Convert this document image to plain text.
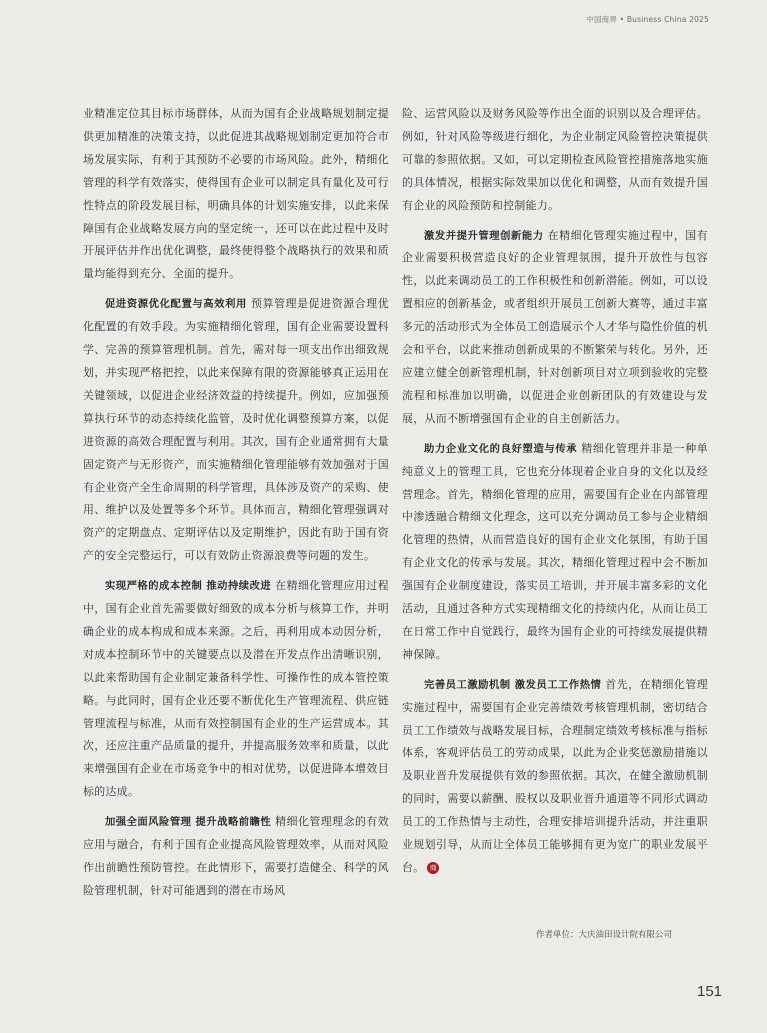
中国商界 • Business China 2025

业精准定位其目标市场群体，从而为国有企业战略规划制定提供更加精准的决策支持，以此促进其战略规划制定更加符合市场发展实际，有利于其预防不必要的市场风险。此外，精细化管理的科学有效落实，使得国有企业可以制定具有量化及可行性特点的阶段发展目标，明确具体的计划实施安排，以此来保障国有企业战略发展方向的坚定统一，还可以在此过程中及时开展评估并作出优化调整，最终使得整个战略执行的效果和质量均能得到充分、全面的提升。

促进资源优化配置与高效利用 预算管理是促进资源合理优化配置的有效手段。为实施精细化管理，国有企业需要设置科学、完善的预算管理机制。首先，需对每一项支出作出细致规划，并实现严格把控，以此来保障有限的资源能够真正运用在关键领域，以促进企业经济效益的持续提升。例如，应加强预算执行环节的动态持续化监管，及时优化调整预算方案，以促进资源的高效合理配置与利用。其次，国有企业通常拥有大量固定资产与无形资产，而实施精细化管理能够有效加强对于国有企业资产全生命周期的科学管理，具体涉及资产的采购、使用、维护以及处置等多个环节。具体而言，精细化管理强调对资产的定期盘点、定期评估以及定期维护，因此有助于国有资产的安全完整运行，可以有效防止资源浪费等问题的发生。

实现严格的成本控制 推动持续改进 在精细化管理应用过程中，国有企业首先需要做好细致的成本分析与核算工作，并明确企业的成本构成和成本来源。之后，再利用成本动因分析，对成本控制环节中的关键要点以及潜在开发点作出清晰识别，以此来帮助国有企业制定兼备科学性、可操作性的成本管控策略。与此同时，国有企业还要不断优化生产管理流程、供应链管理流程与标准，从而有效控制国有企业的生产运营成本。其次，还应注重产品质量的提升，并提高服务效率和质量，以此来增强国有企业在市场竞争中的相对优势，以促进降本增效目标的达成。

加强全面风险管理 提升战略前瞻性 精细化管理理念的有效应用与融合，有利于国有企业提高风险管理效率，从而对风险作出前瞻性预防管控。在此情形下，需要打造健全、科学的风险管理机制，针对可能遇到的潜在市场风

险、运营风险以及财务风险等作出全面的识别以及合理评估。例如，针对风险等级进行细化，为企业制定风险管控决策提供可靠的参照依据。又如，可以定期检查风险管控措施落地实施的具体情况，根据实际效果加以优化和调整，从而有效提升国有企业的风险预防和控制能力。

激发并提升管理创新能力 在精细化管理实施过程中，国有企业需要积极营造良好的企业管理氛围，提升开放性与包容性，以此来调动员工的工作积极性和创新潜能。例如，可以设置相应的创新基金，或者组织开展员工创新大赛等，通过丰富多元的活动形式为全体员工创造展示个人才华与隐性价值的机会和平台，以此来推动创新成果的不断繁荣与转化。另外，还应建立健全创新管理机制，针对创新项目对立项到验收的完整流程和标准加以明确，以促进企业创新团队的有效建设与发展，从而不断增强国有企业的自主创新活力。

助力企业文化的良好塑造与传承 精细化管理并非是一种单纯意义上的管理工具，它也充分体现着企业自身的文化以及经营理念。首先，精细化管理的应用，需要国有企业在内部管理中渗透融合精细文化理念，这可以充分调动员工参与企业精细化管理的热情，从而营造良好的国有企业文化氛围，有助于国有企业文化的传承与发展。其次，精细化管理过程中会不断加强国有企业制度建设，落实员工培训，并开展丰富多彩的文化活动，且通过各种方式实现精细文化的持续内化，从而让员工在日常工作中自觉践行，最终为国有企业的可持续发展提供精神保障。

完善员工激励机制 激发员工工作热情 首先，在精细化管理实施过程中，需要国有企业完善绩效考核管理机制，密切结合员工工作绩效与战略发展目标，合理制定绩效考核标准与指标体系，客观评估员工的劳动成果，以此为企业奖惩激励措施以及职业晋升发展提供有效的参照依据。其次，在健全激励机制的同时，需要以薪酬、股权以及职业晋升通道等不同形式调动员工的工作热情与主动性，合理安排培训提升活动，并注重职业规划引导，从而让全体员工能够拥有更为宽广的职业发展平台。 商

作者单位：大庆油田设计院有限公司
151
